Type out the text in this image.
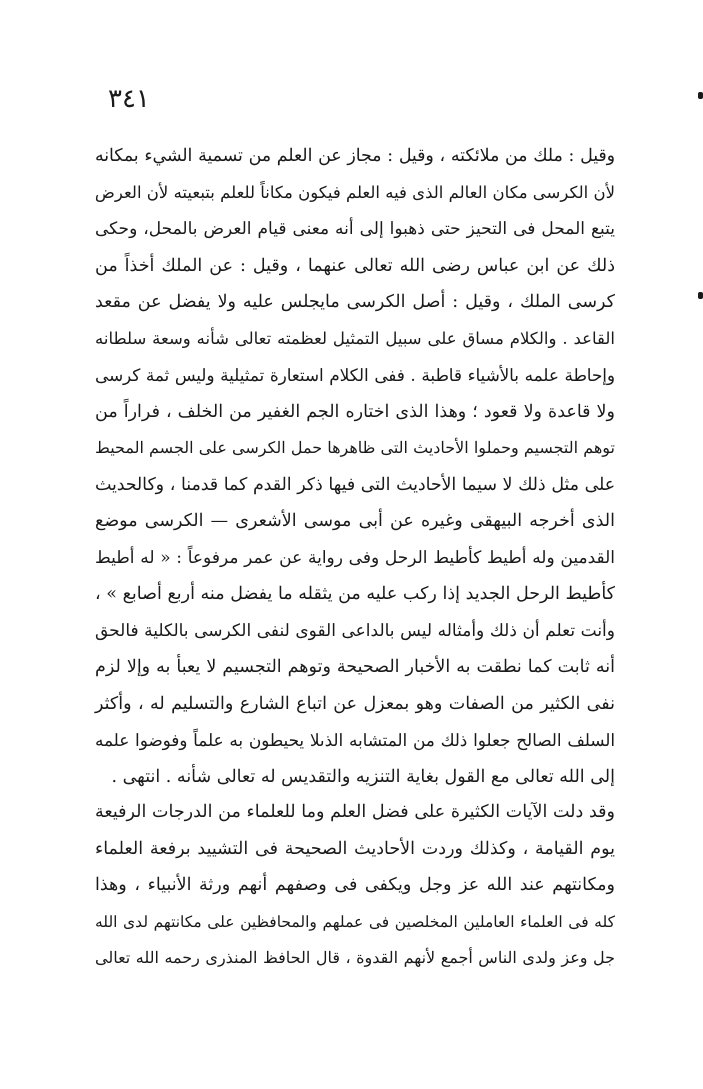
٣٤١
وقيل : ملك من ملائكته ، وقيل : مجاز عن العلم من تسمية الشيء بمكانه
لأن الكرسى مكان العالم الذى فيه العلم فيكون مكاناً للعلم بتبعيته لأن العرض
يتبع المحل فى التحيز حتى ذهبوا إلى أنه معنى قيام العرض بالمحل، وحكى
ذلك عن ابن عباس رضى الله تعالى عنهما ، وقيل : عن الملك أخذاً من
كرسى الملك ، وقيل : أصل الكرسى مايجلس عليه ولا يفضل عن مقعد
القاعد . والكلام مساق على سبيل التمثيل لعظمته تعالى شأنه وسعة سلطانه
وإحاطة علمه بالأشياء قاطبة . ففى الكلام استعارة تمثيلية وليس ثمة كرسى
ولا قاعدة ولا قعود ؛ وهذا الذى اختاره الجم الغفير من الخلف ، فراراً من
توهم التجسيم وحملوا الأحاديث التى ظاهرها حمل الكرسى على الجسم المحيط
على مثل ذلك لا سيما الأحاديث التى فيها ذكر القدم كما قدمنا ، وكالحديث
الذى أخرجه البيهقى وغيره عن أبى موسى الأشعرى — الكرسى موضع
القدمين وله أطيط كأطيط الرحل وفى رواية عن عمر مرفوعاً : « له أطيط
كأطيط الرحل الجديد إذا ركب عليه من يثقله ما يفضل منه أربع أصابع » ،
وأنت تعلم أن ذلك وأمثاله ليس بالداعى القوى لنفى الكرسى بالكلية فالحق
أنه ثابت كما نطقت به الأخبار الصحيحة وتوهم التجسيم لا يعبأ به وإلا لزم
نفى الكثير من الصفات وهو بمعزل عن اتباع الشارع والتسليم له ، وأكثر
السلف الصالح جعلوا ذلك من المتشابه الذىلا يحيطون به علماً وفوضوا علمه
إلى الله تعالى مع القول بغاية التنزيه والتقديس له تعالى شأنه . انتهى .
وقد دلت الآيات الكثيرة على فضل العلم وما للعلماء من الدرجات الرفيعة
يوم القيامة ، وكذلك وردت الأحاديث الصحيحة فى التشييد برفعة العلماء
ومكانتهم عند الله عز وجل ويكفى فى وصفهم أنهم ورثة الأنبياء ، وهذا
كله فى العلماء العاملين المخلصين فى عملهم والمحافظين على مكانتهم لدى الله
جل وعز ولدى الناس أجمع لأنهم القدوة ، قال الحافظ المنذرى رحمه الله تعالى
